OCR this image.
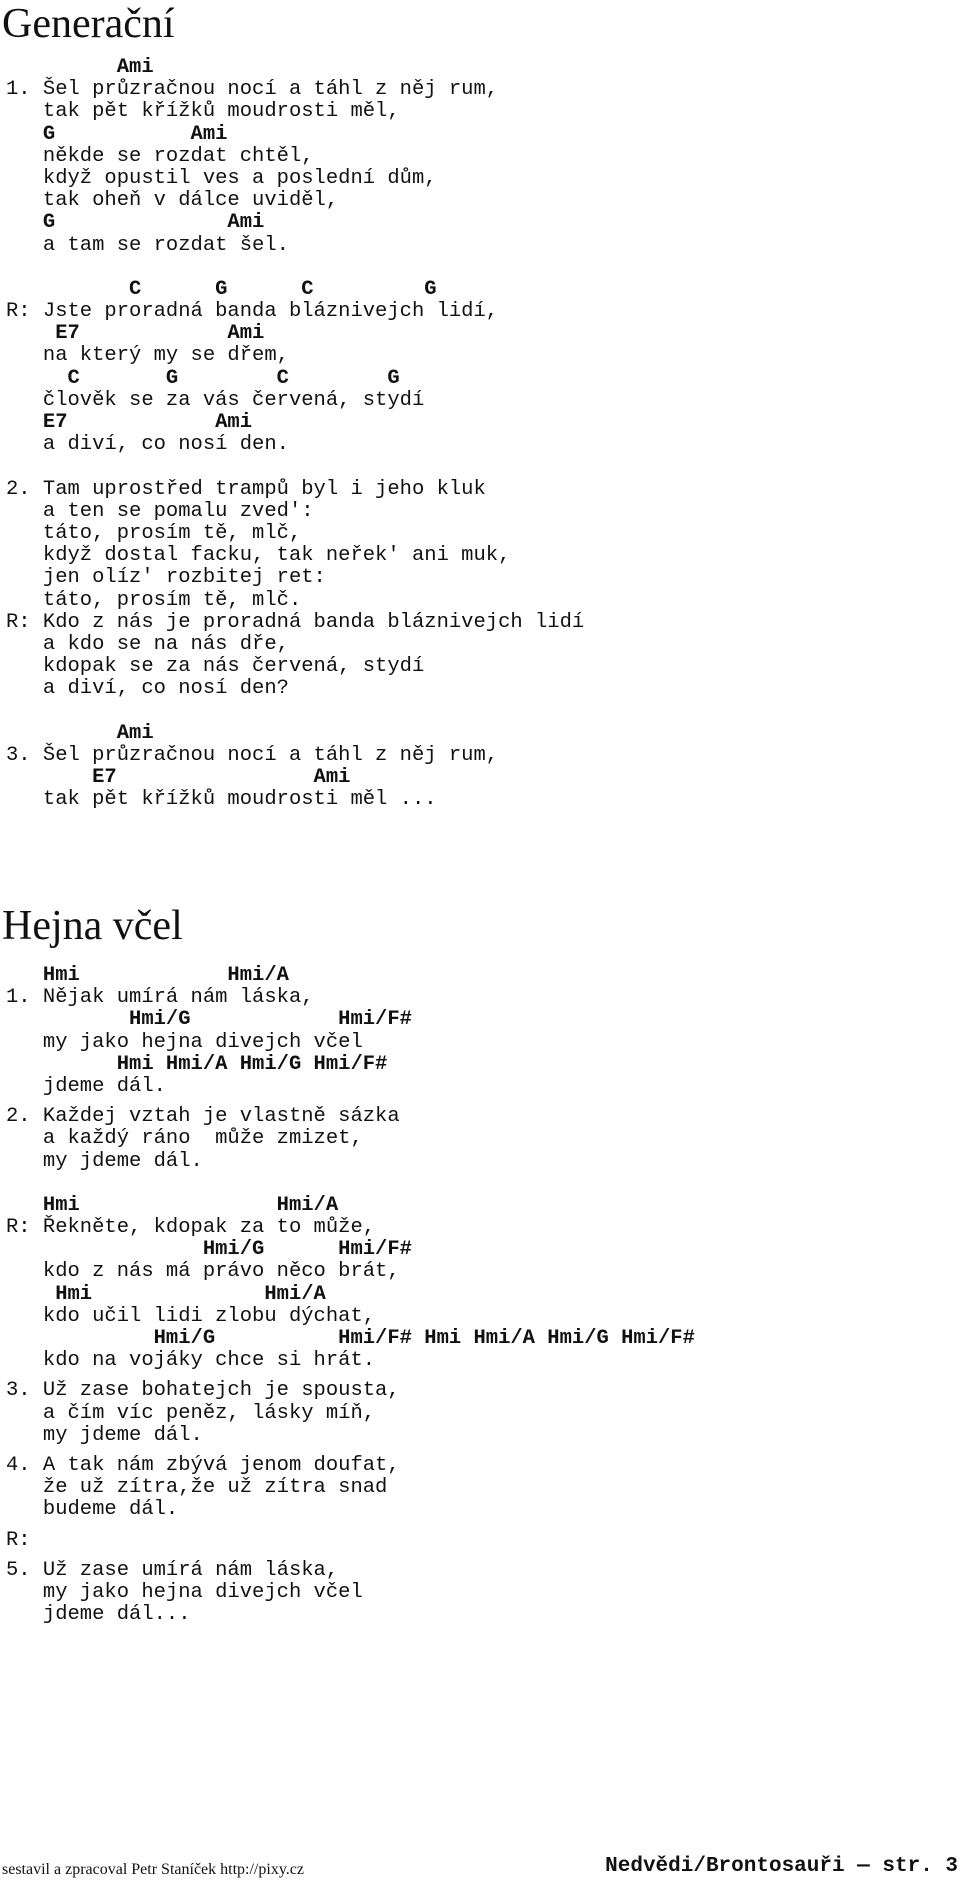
Generační
Ami
1. Šel průzračnou nocí a táhl z něj rum,
tak pět křížků moudrosti měl,
G           Ami
někde se rozdat chtěl,
když opustil ves a poslední dům,
tak oheň v dálce uviděl,
G              Ami
a tam se rozdat šel.
C      G      C         G
R: Jste proradná banda bláznivejch lidí,
E7            Ami
na který my se dřem,
C       G        C        G
člověk se za vás červená, stydí
E7            Ami
a diví, co nosí den.
2. Tam uprostřed trampů byl i jeho kluk
a ten se pomalu zved':
táto, prosím tě, mlč,
když dostal facku, tak neřek' ani muk,
jen olíz' rozbitej ret:
táto, prosím tě, mlč.
R: Kdo z nás je proradná banda bláznivejch lidí
a kdo se na nás dře,
kdopak se za nás červená, stydí
a diví, co nosí den?
Ami
3. Šel průzračnou nocí a táhl z něj rum,
E7                Ami
tak pět křížků moudrosti měl ...
Hejna včel
Hmi            Hmi/A
1. Nějak umírá nám láska,
Hmi/G            Hmi/F#
my jako hejna divejch včel
Hmi Hmi/A Hmi/G Hmi/F#
jdeme dál.
2. Každej vztah je vlastně sázka
a každý ráno  může zmizet,
my jdeme dál.
Hmi                Hmi/A
R: Řekněte, kdopak za to může,
Hmi/G      Hmi/F#
kdo z nás má právo něco brát,
Hmi              Hmi/A
kdo učil lidi zlobu dýchat,
Hmi/G          Hmi/F# Hmi Hmi/A Hmi/G Hmi/F#
kdo na vojáky chce si hrát.
3. Už zase bohatejch je spousta,
a čím víc peněz, lásky míň,
my jdeme dál.
4. A tak nám zbývá jenom doufat,
že už zítra,že už zítra snad
budeme dál.
R:
5. Už zase umírá nám láska,
my jako hejna divejch včel
jdeme dál...
sestavil a zpracoval Petr Staníček http://pixy.cz	Nedvědi/Brontosauři — str. 3
